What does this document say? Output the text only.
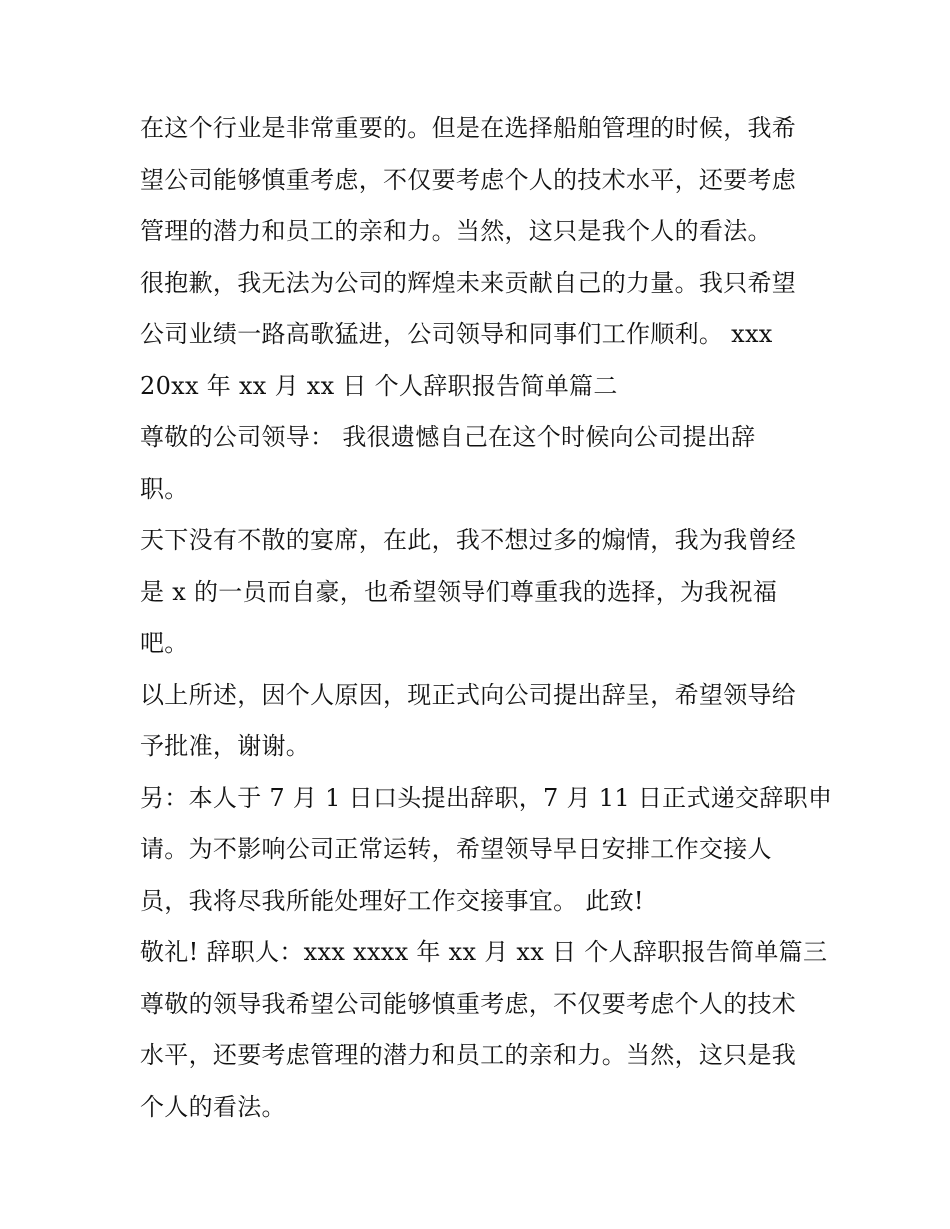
在这个行业是非常重要的。但是在选择船舶管理的时候，我希
望公司能够慎重考虑，不仅要考虑个人的技术水平，还要考虑
管理的潜力和员工的亲和力。当然，这只是我个人的看法。
很抱歉，我无法为公司的辉煌未来贡献自己的力量。我只希望
公司业绩一路高歌猛进，公司领导和同事们工作顺利。 xxx
20xx 年 xx 月 xx 日 个人辞职报告简单篇二
尊敬的公司领导： 我很遗憾自己在这个时候向公司提出辞
职。
天下没有不散的宴席，在此，我不想过多的煽情，我为我曾经
是 x 的一员而自豪，也希望领导们尊重我的选择，为我祝福
吧。
以上所述，因个人原因，现正式向公司提出辞呈，希望领导给
予批准，谢谢。
另：本人于 7 月 1 日口头提出辞职，7 月 11 日正式递交辞职申
请。为不影响公司正常运转，希望领导早日安排工作交接人
员，我将尽我所能处理好工作交接事宜。 此致!
敬礼! 辞职人：xxx xxxx 年 xx 月 xx 日 个人辞职报告简单篇三
尊敬的领导我希望公司能够慎重考虑，不仅要考虑个人的技术
水平，还要考虑管理的潜力和员工的亲和力。当然，这只是我
个人的看法。
